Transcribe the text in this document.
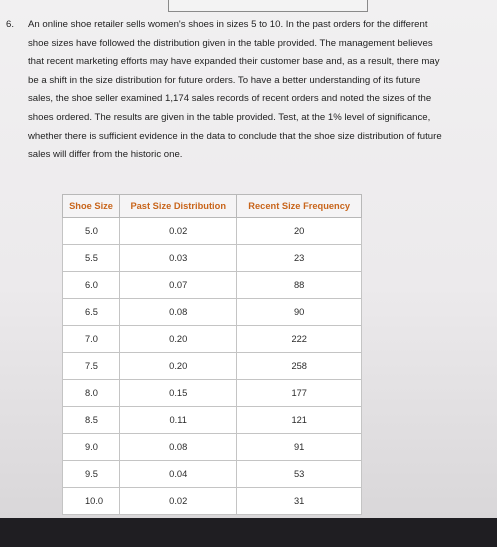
6. An online shoe retailer sells women's shoes in sizes 5 to 10. In the past orders for the different
shoe sizes have followed the distribution given in the table provided. The management believes
that recent marketing efforts may have expanded their customer base and, as a result, there may
be a shift in the size distribution for future orders. To have a better understanding of its future
sales, the shoe seller examined 1,174 sales records of recent orders and noted the sizes of the
shoes ordered. The results are given in the table provided. Test, at the 1% level of significance,
whether there is sufficient evidence in the data to conclude that the shoe size distribution of future
sales will differ from the historic one.
Shoe Size	Past Size Distribution	Recent Size Frequency
5.0	0.02	20
5.5	0.03	23
6.0	0.07	88
6.5	0.08	90
7.0	0.20	222
7.5	0.20	258
8.0	0.15	177
8.5	0.11	121
9.0	0.08	91
9.5	0.04	53
10.0	0.02	31
